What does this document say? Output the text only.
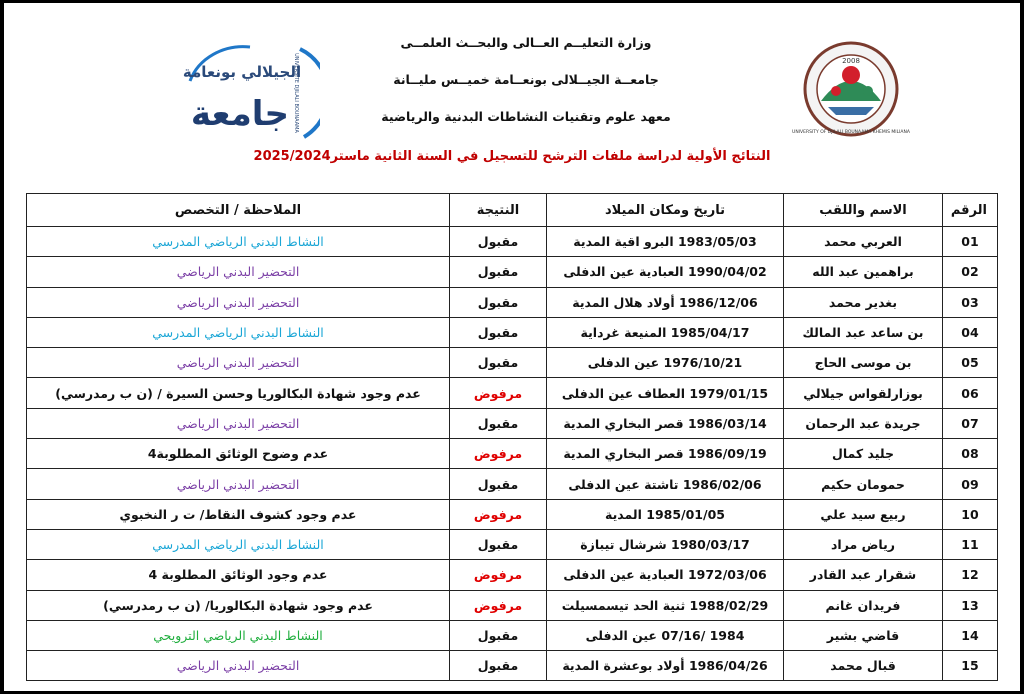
2008
UNIVERSITY OF DJILALI BOUNAAMA KHEMIS MILIANA
الجيلالي بونعامة
جامعة UNIVERSITE DJILALI BOUNAAMA
وزارة التعليــم العــالى والبحــث العلمــى
جامعــة الجيــلالى بونعــامة خميــس مليــانة
معهد علوم وتقنيات النشاطات البدنية والرياضية
النتائج الأولية لدراسة ملفات الترشح للتسجيل في السنة الثانية ماستر2025/2024
الرقم	الاسم واللقب	تاريخ ومكان الميلاد	النتيجة	الملاحظة / التخصص
01	العربي محمد	1983/05/03 البرو اقية المدية	مقبول	النشاط البدني الرياضي المدرسي
02	براهمين عبد الله	1990/04/02 العبادية عين الدفلى	مقبول	التحضير البدني الرياضي
03	بغدير محمد	1986/12/06 أولاد هلال المدية	مقبول	التحضير البدني الرياضي
04	بن ساعد عبد المالك	1985/04/17 المنيعة غرداية	مقبول	النشاط البدني الرياضي المدرسي
05	بن موسى الحاج	1976/10/21 عين الدفلى	مقبول	التحضير البدني الرياضي
06	بوزارلقواس جيلالي	1979/01/15 العطاف عين الدفلى	مرفوض	عدم وجود شهادة البكالوريا وحسن السيرة / (ن ب رمدرسي)
07	جريدة عبد الرحمان	1986/03/14 قصر البخاري المدية	مقبول	التحضير البدني الرياضي
08	جليد كمال	1986/09/19 قصر البخاري المدية	مرفوض	عدم وضوح الوثائق المطلوبة4
09	حمومان حكيم	1986/02/06 تاشتة عين الدفلى	مقبول	التحضير البدني الرياضي
10	ربيع سيد علي	1985/01/05 المدية	مرفوض	عدم وجود كشوف النقاط/ ت ر النخبوي
11	رياض مراد	1980/03/17 شرشال تيبازة	مقبول	النشاط البدني الرياضي المدرسي
12	شقرار عبد القادر	1972/03/06 العبادية عين الدفلى	مرفوض	عدم وجود الوثائق المطلوبة 4
13	فريدان غانم	1988/02/29 ثنية الحد تيسمسيلت	مرفوض	عدم وجود شهادة البكالوريا/ (ن ب رمدرسي)
14	قاضي بشير	1984 /07/16 عين الدفلى	مقبول	النشاط البدني الرياضي الترويحي
15	قبال محمد	1986/04/26 أولاد بوعشرة المدية	مقبول	التحضير البدني الرياضي
